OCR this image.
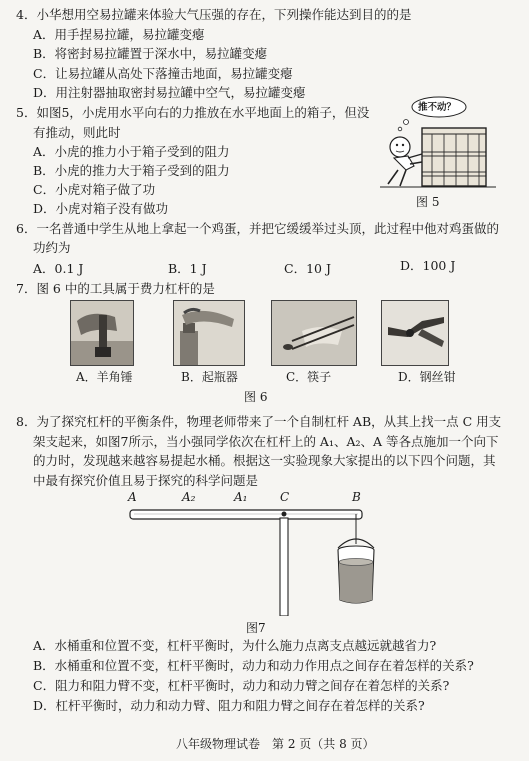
4．小华想用空易拉罐来体验大气压强的存在，下列操作能达到目的的是
A．用手捏易拉罐，易拉罐变瘪
B．将密封易拉罐置于深水中，易拉罐变瘪
C．让易拉罐从高处下落撞击地面，易拉罐变瘪
D．用注射器抽取密封易拉罐中空气，易拉罐变瘪
5．如图5，小虎用水平向右的力推放在水平地面上的箱子，但没
有推动，则此时
A．小虎的推力小于箱子受到的阻力
B．小虎的推力大于箱子受到的阻力
C．小虎对箱子做了功
D．小虎对箱子没有做功
推不动？
图 5
6．一名普通中学生从地上拿起一个鸡蛋，并把它缓缓举过头顶，此过程中他对鸡蛋做的
功约为
A．0.1 J	B．1 J	C．10 J	D．100 J
7．图 6 中的工具属于费力杠杆的是
A．羊角锤	B．起瓶器	C．筷子	D．钢丝钳
图 6
8．为了探究杠杆的平衡条件，物理老师带来了一个自制杠杆 AB，从其上找一点 C 用支
架支起来，如图7所示，当小强同学依次在杠杆上的 A₁、A₂、A 等各点施加一个向下
的力时，发现越来越容易提起水桶。根据这一实验现象大家提出的以下四个问题，其
中最有探究价值且易于探究的科学问题是
A	A₂	A₁	C	B
图7
A．水桶重和位置不变，杠杆平衡时，为什么施力点离支点越远就越省力?
B．水桶重和位置不变，杠杆平衡时，动力和动力作用点之间存在着怎样的关系?
C．阻力和阻力臂不变，杠杆平衡时，动力和动力臂之间存在着怎样的关系?
D．杠杆平衡时，动力和动力臂、阻力和阻力臂之间存在着怎样的关系?
八年级物理试卷　第 2 页（共 8 页）
